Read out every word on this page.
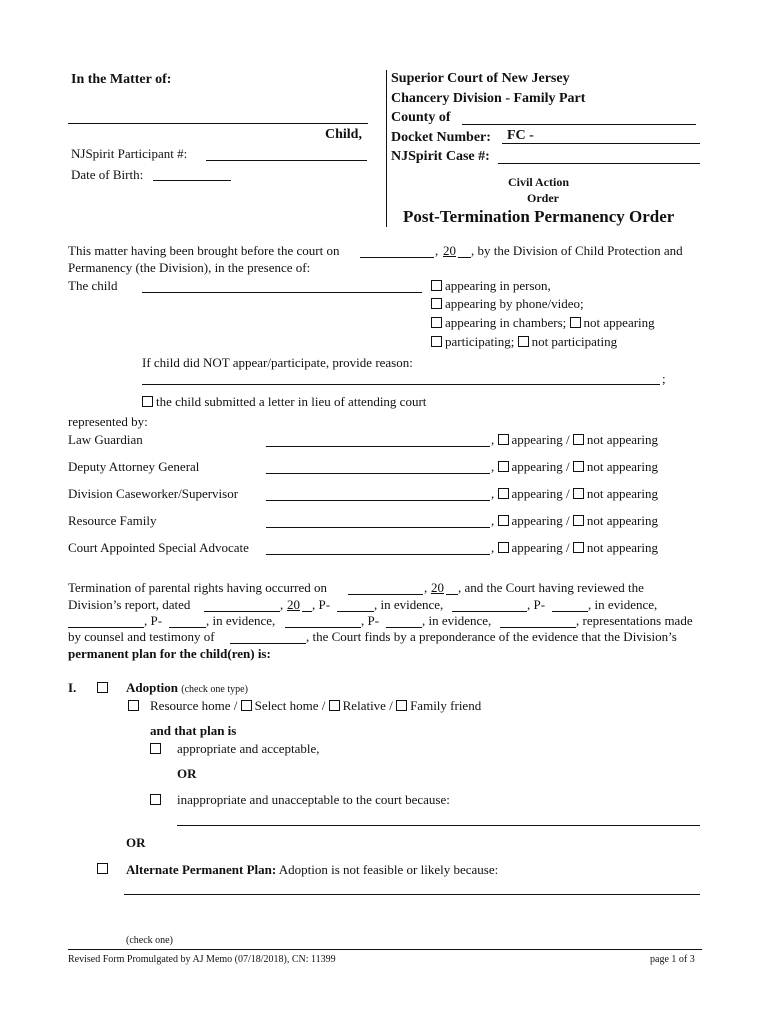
In the Matter of:
Child,
NJSpirit Participant #:
Date of Birth:
Superior Court of New Jersey
Chancery Division - Family Part
County of
Docket Number: FC -
NJSpirit Case #:
Civil Action
Order
Post-Termination Permanency Order
This matter having been brought before the court on	, 20 , by the Division of Child Protection and
Permanency (the Division), in the presence of:
The child	appearing in person,
appearing by phone/video;
appearing in chambers; not appearing
participating; not participating
If child did NOT appear/participate, provide reason:
;
the child submitted a letter in lieu of attending court
represented by:
Law Guardian	, appearing / not appearing
Deputy Attorney General	, appearing / not appearing
Division Caseworker/Supervisor	, appearing / not appearing
Resource Family	, appearing / not appearing
Court Appointed Special Advocate	, appearing / not appearing
Termination of parental rights having occurred on	, 20 , and the Court having reviewed the
Division’s report, dated	, 20 , P-	, in evidence,	, P-	, in evidence,
, P-	, in evidence,	, P-	, in evidence,	, representations made
by counsel and testimony of	, the Court finds by a preponderance of the evidence that the Division’s
permanent plan for the child(ren) is:
I.	Adoption (check one type)
Resource home / Select home / Relative / Family friend
and that plan is
appropriate and acceptable,
OR
inappropriate and unacceptable to the court because:
OR
Alternate Permanent Plan: Adoption is not feasible or likely because:
(check one)
Revised Form Promulgated by AJ Memo (07/18/2018), CN: 11399	page 1 of 3
